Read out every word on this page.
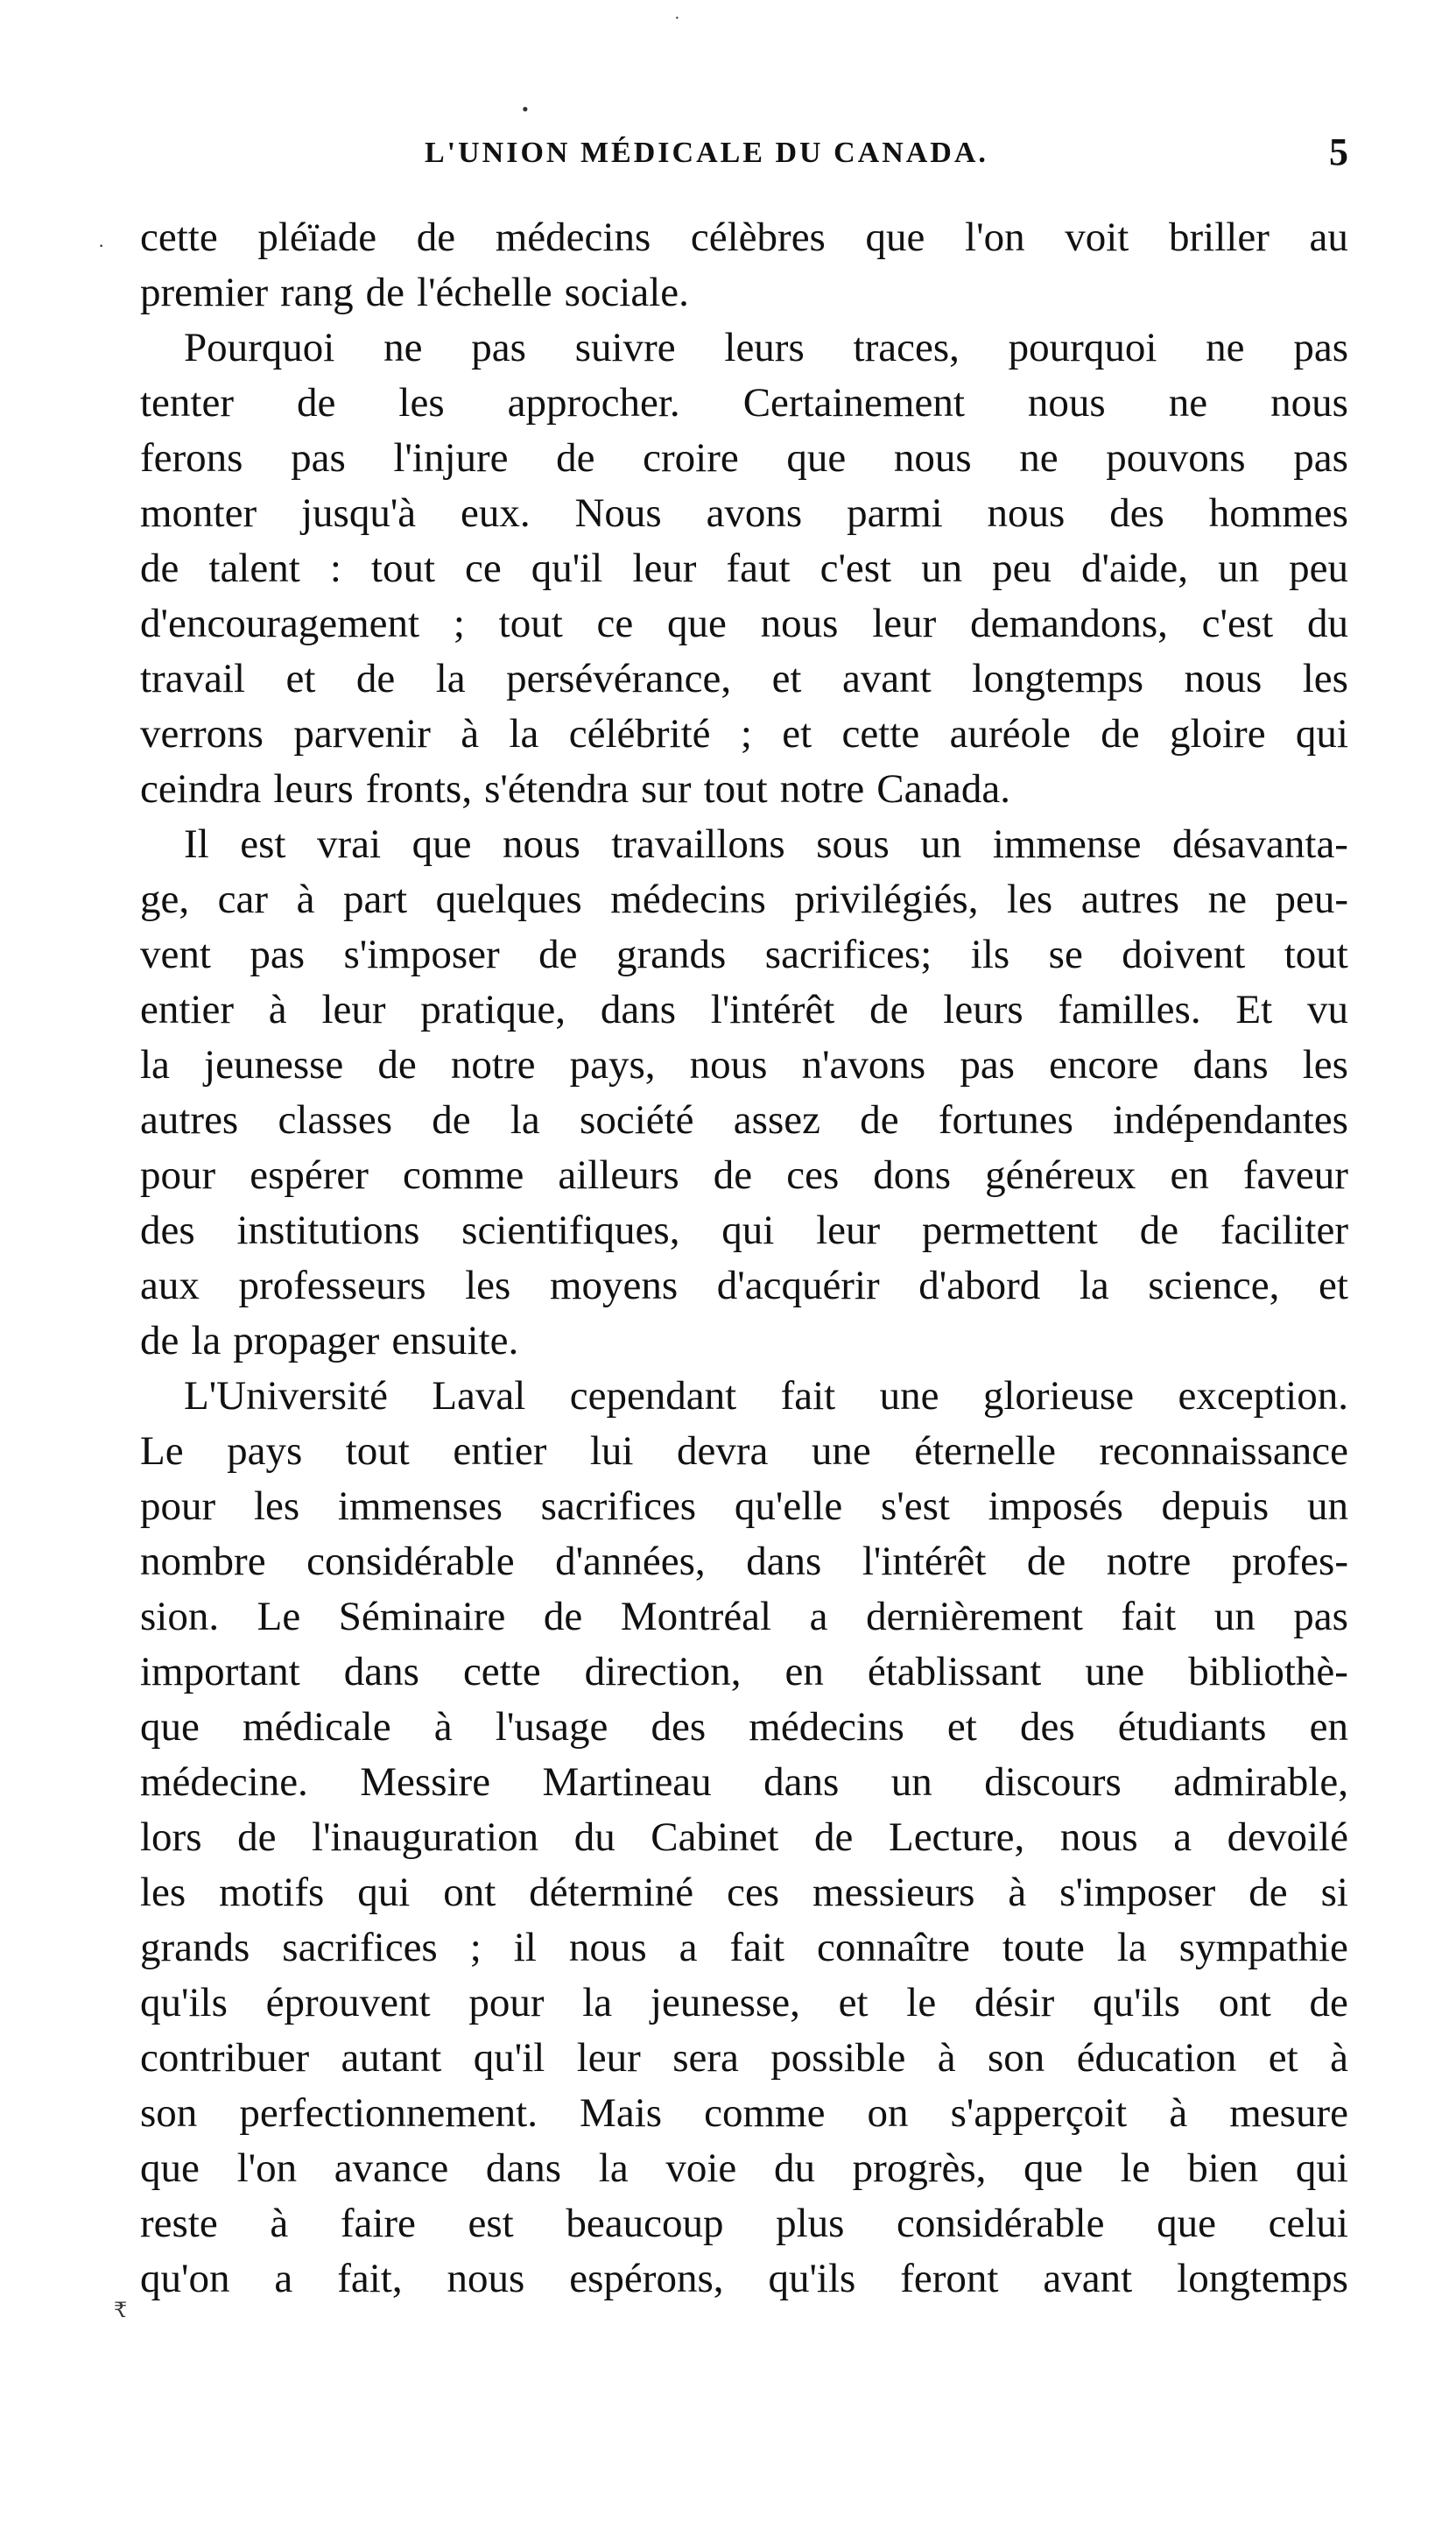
·
•
·
₹
L'UNION MÉDICALE DU CANADA.	5
cette pléïade de médecins célèbres que l'on voit briller au
premier rang de l'échelle sociale.
Pourquoi ne pas suivre leurs traces, pourquoi ne pas
tenter de les approcher. Certainement nous ne nous
ferons pas l'injure de croire que nous ne pouvons pas
monter jusqu'à eux. Nous avons parmi nous des hommes
de talent : tout ce qu'il leur faut c'est un peu d'aide, un peu
d'encouragement ; tout ce que nous leur demandons, c'est du
travail et de la persévérance, et avant longtemps nous les
verrons parvenir à la célébrité ; et cette auréole de gloire qui
ceindra leurs fronts, s'étendra sur tout notre Canada.
Il est vrai que nous travaillons sous un immense désavanta-
ge, car à part quelques médecins privilégiés, les autres ne peu-
vent pas s'imposer de grands sacrifices; ils se doivent tout
entier à leur pratique, dans l'intérêt de leurs familles. Et vu
la jeunesse de notre pays, nous n'avons pas encore dans les
autres classes de la société assez de fortunes indépendantes
pour espérer comme ailleurs de ces dons généreux en faveur
des institutions scientifiques, qui leur permettent de faciliter
aux professeurs les moyens d'acquérir d'abord la science, et
de la propager ensuite.
L'Université Laval cependant fait une glorieuse exception.
Le pays tout entier lui devra une éternelle reconnaissance
pour les immenses sacrifices qu'elle s'est imposés depuis un
nombre considérable d'années, dans l'intérêt de notre profes-
sion. Le Séminaire de Montréal a dernièrement fait un pas
important dans cette direction, en établissant une bibliothè-
que médicale à l'usage des médecins et des étudiants en
médecine. Messire Martineau dans un discours admirable,
lors de l'inauguration du Cabinet de Lecture, nous a devoilé
les motifs qui ont déterminé ces messieurs à s'imposer de si
grands sacrifices ; il nous a fait connaître toute la sympathie
qu'ils éprouvent pour la jeunesse, et le désir qu'ils ont de
contribuer autant qu'il leur sera possible à son éducation et à
son perfectionnement. Mais comme on s'apperçoit à mesure
que l'on avance dans la voie du progrès, que le bien qui
reste à faire est beaucoup plus considérable que celui
qu'on a fait, nous espérons, qu'ils feront avant longtemps
